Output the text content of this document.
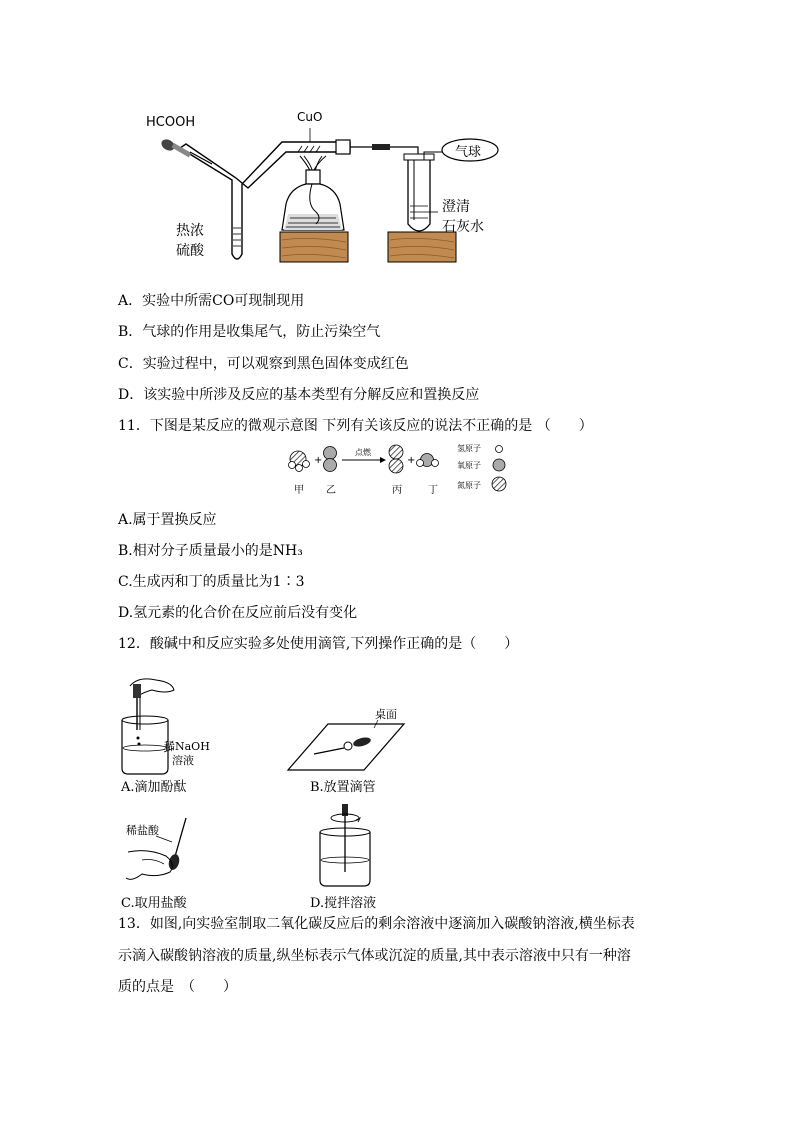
HCOOH	CuO
气球
热浓
硫酸
澄清
石灰水
A．实验中所需CO可现制现用
B．气球的作用是收集尾气，防止污染空气
C．实验过程中，可以观察到黑色固体变成红色
D．该实验中所涉及反应的基本类型有分解反应和置换反应
11．下图是某反应的微观示意图 下列有关该反应的说法不正确的是 （　　）
+	+
点燃
甲 乙	丙	丁
氢原子
氧原子
氮原子
A.属于置换反应
B.相对分子质量最小的是NH₃
C.生成丙和丁的质量比为1∶3
D.氢元素的化合价在反应前后没有变化
12．酸碱中和反应实验多处使用滴管,下列操作正确的是（　　）
稀NaOH
溶液
A.滴加酚酞
桌面
B.放置滴管
稀盐酸
C.取用盐酸	D.搅拌溶液
13．如图,向实验室制取二氧化碳反应后的剩余溶液中逐滴加入碳酸钠溶液,横坐标表
示滴入碳酸钠溶液的质量,纵坐标表示气体或沉淀的质量,其中表示溶液中只有一种溶
质的点是　（　　）
